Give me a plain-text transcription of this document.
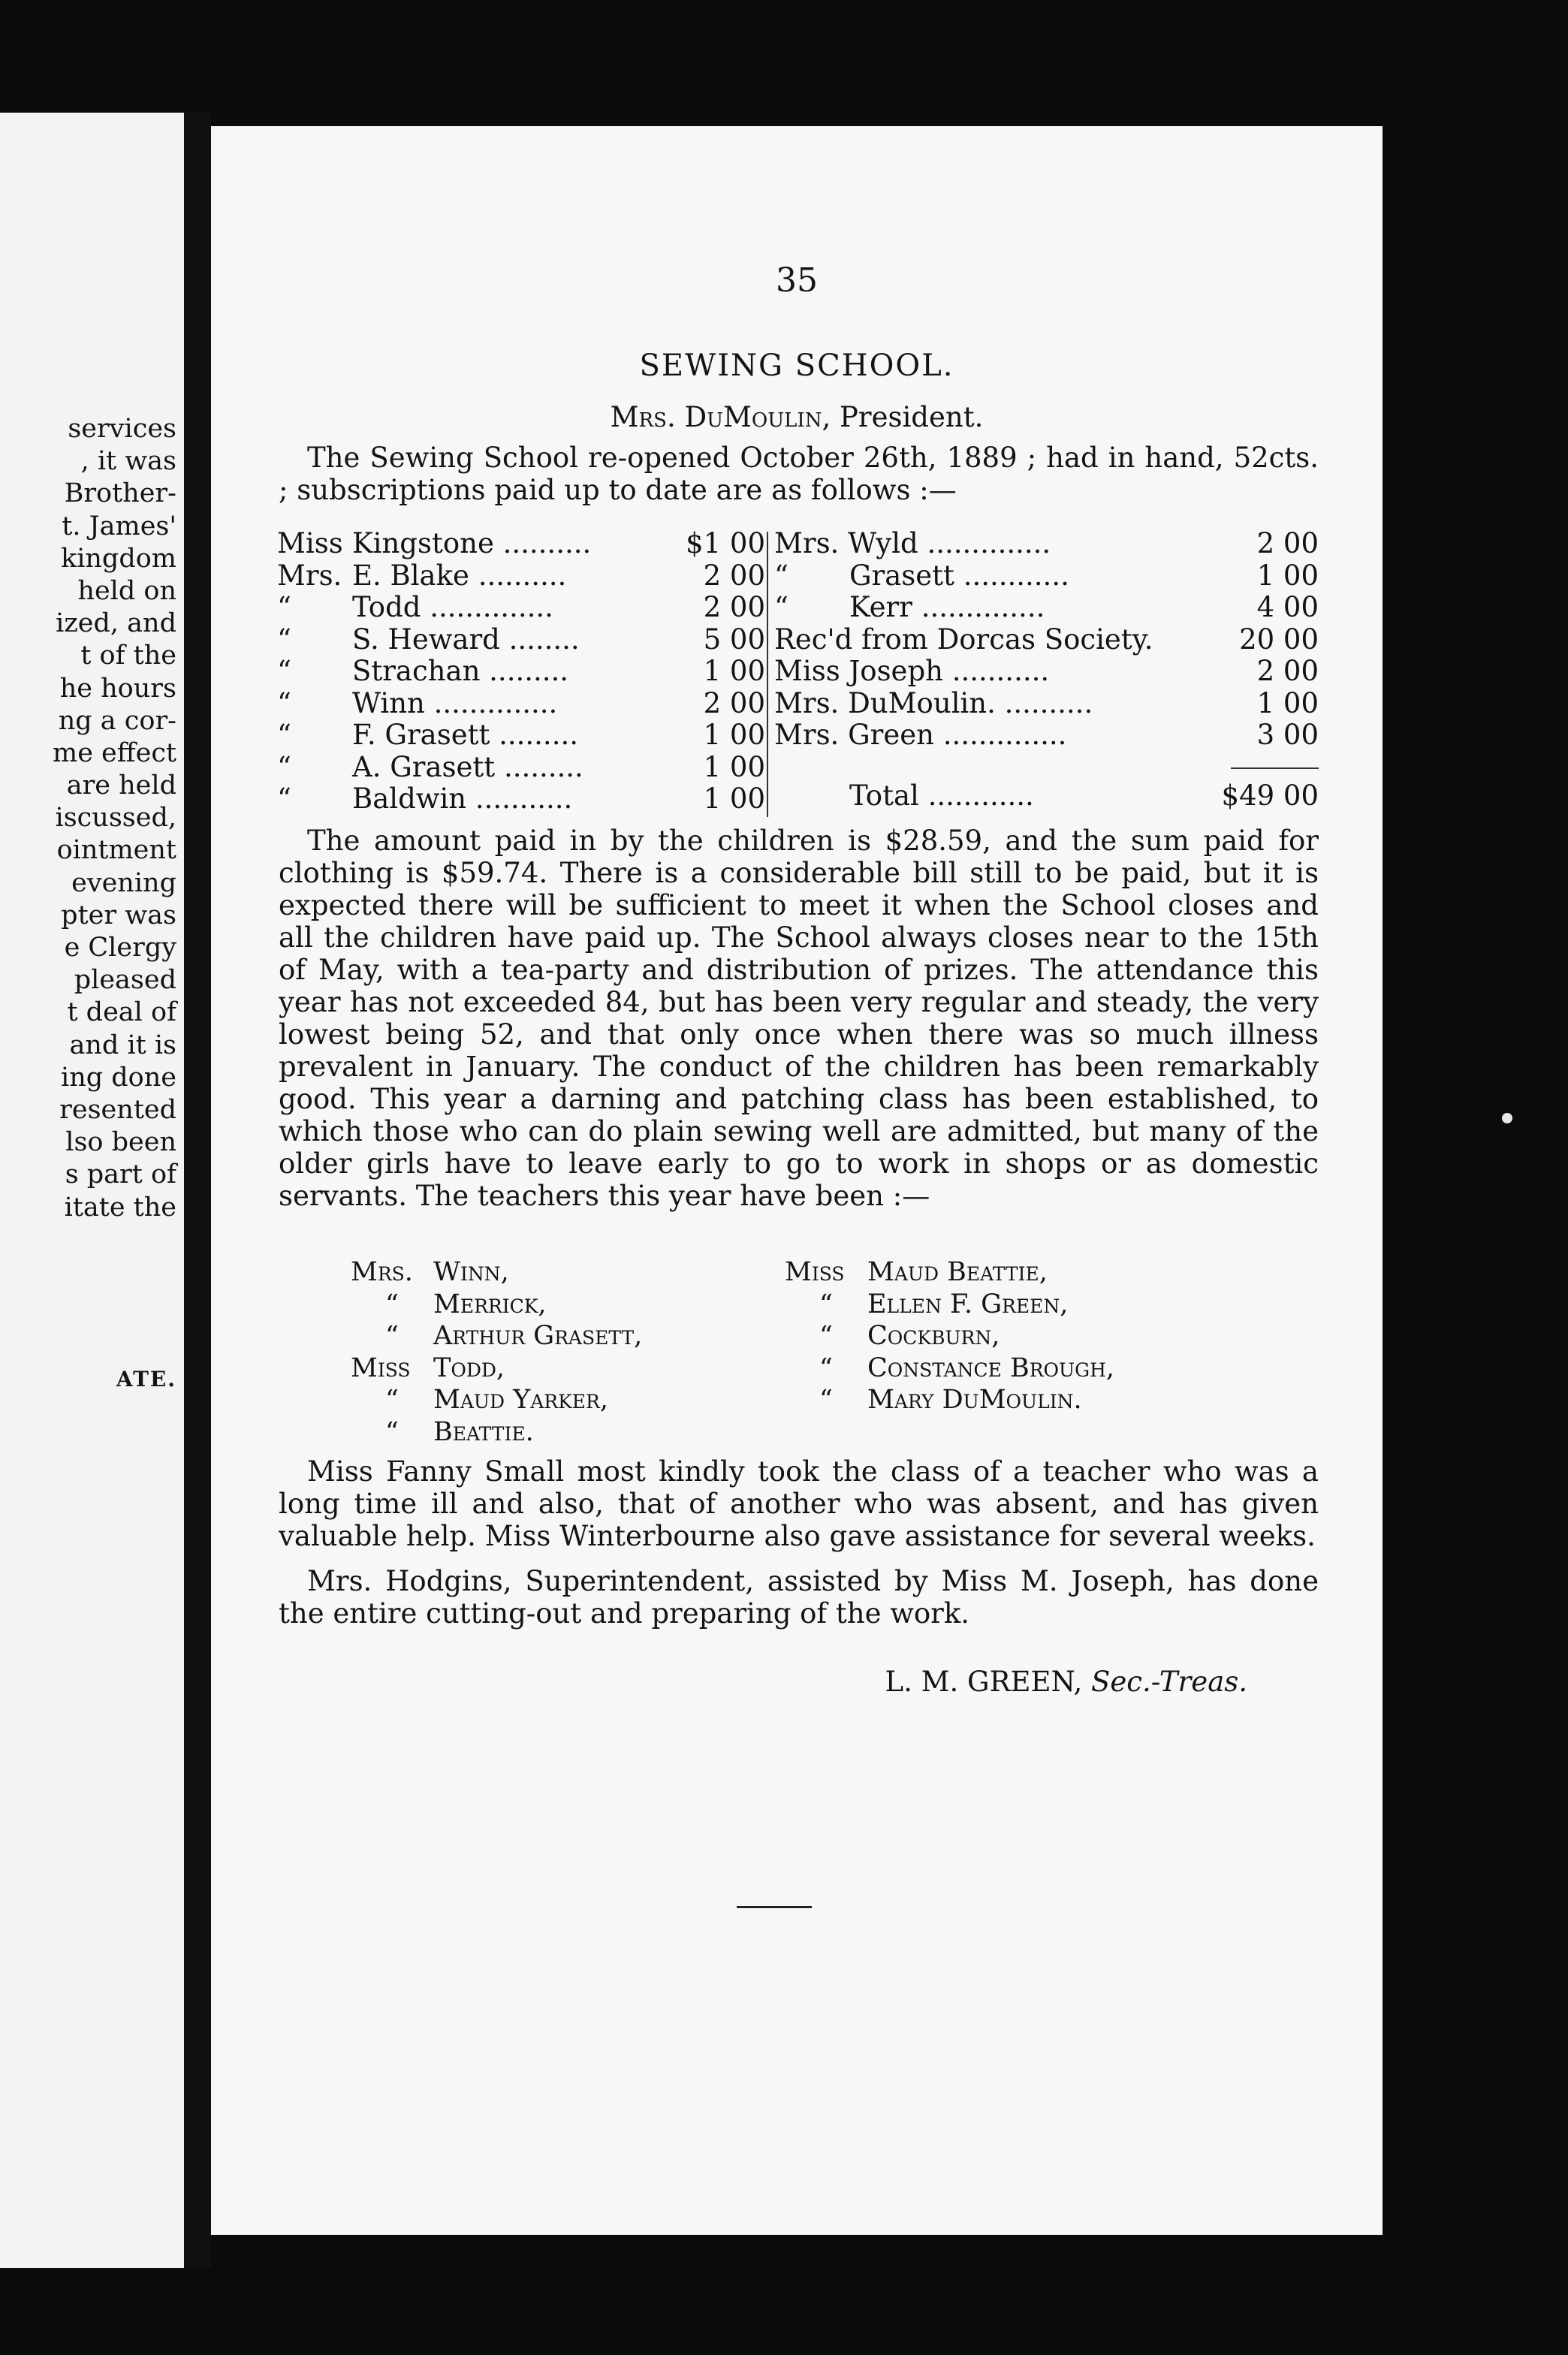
services
, it was
Brother-
t. James'
kingdom
held on
ized, and
t of the
he hours
ng a cor-
me effect
are held
iscussed,
ointment
evening
pter was
e Clergy
pleased
t deal of
and it is
ing done
resented
lso been
s part of
itate the
ATE.
35
SEWING SCHOOL.
Mrs. DuMoulin, President.

The Sewing School re-opened October 26th, 1889 ; had in hand, 52cts. ; subscriptions paid up to date are as follows :—

Miss Kingstone ..........	$1 00
Mrs. E. Blake ..........	2 00
“ Todd ..............	2 00
“ S. Heward ........	5 00
“ Strachan .........	1 00
“ Winn ..............	2 00
“ F. Grasett .........	1 00
“ A. Grasett .........	1 00
“ Baldwin ...........	1 00
Mrs. Wyld ..............	2 00
“ Grasett ............	1 00
“ Kerr ..............	4 00
Rec'd from Dorcas Society.	20 00
Miss Joseph ...........	2 00
Mrs. DuMoulin. ..........	1 00
Mrs. Green ..............	3 00
Total ............	$49 00

The amount paid in by the children is $28.59, and the sum paid for clothing is $59.74. There is a considerable bill still to be paid, but it is expected there will be sufficient to meet it when the School closes and all the children have paid up. The School always closes near to the 15th of May, with a tea-party and distribution of prizes. The attendance this year has not exceeded 84, but has been very regular and steady, the very lowest being 52, and that only once when there was so much illness prevalent in January. The conduct of the children has been remarkably good. This year a darning and patching class has been established, to which those who can do plain sewing well are admitted, but many of the older girls have to leave early to go to work in shops or as domestic servants. The teachers this year have been :—

Mrs. Winn,
“ Merrick,
“ Arthur Grasett,
Miss Todd,
“ Maud Yarker,
“ Beattie.
Miss Maud Beattie,
“ Ellen F. Green,
“ Cockburn,
“ Constance Brough,
“ Mary DuMoulin.

Miss Fanny Small most kindly took the class of a teacher who was a long time ill and also, that of another who was absent, and has given valuable help. Miss Winterbourne also gave assistance for several weeks.

Mrs. Hodgins, Superintendent, assisted by Miss M. Joseph, has done the entire cutting-out and preparing of the work.

L. M. GREEN, Sec.-Treas.
